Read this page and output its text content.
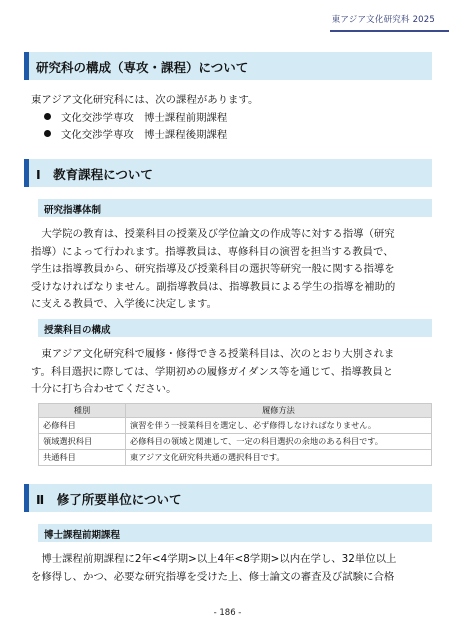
東アジア文化研究科 2025
研究科の構成（専攻・課程）について
東アジア文化研究科には、次の課程があります。
文化交渉学専攻　博士課程前期課程
文化交渉学専攻　博士課程後期課程
Ⅰ　教育課程について
研究指導体制
大学院の教育は、授業科目の授業及び学位論文の作成等に対する指導（研究
指導）によって行われます。指導教員は、専修科目の演習を担当する教員で、
学生は指導教員から、研究指導及び授業科目の選択等研究一般に関する指導を
受けなければなりません。副指導教員は、指導教員による学生の指導を補助的
に支える教員で、入学後に決定します。
授業科目の構成
東アジア文化研究科で履修・修得できる授業科目は、次のとおり大別されま
す。科目選択に際しては、学期初めの履修ガイダンス等を通じて、指導教員と
十分に打ち合わせてください。
種別	履修方法
必修科目	演習を伴う一授業科目を選定し、必ず修得しなければなりません。
領域選択科目	必修科目の領域と関連して、一定の科目選択の余地のある科目です。
共通科目	東アジア文化研究科共通の選択科目です。
Ⅱ　修了所要単位について
博士課程前期課程
博士課程前期課程に2年<4学期>以上4年<8学期>以内在学し、32単位以上
を修得し、かつ、必要な研究指導を受けた上、修士論文の審査及び試験に合格
- 186 -
